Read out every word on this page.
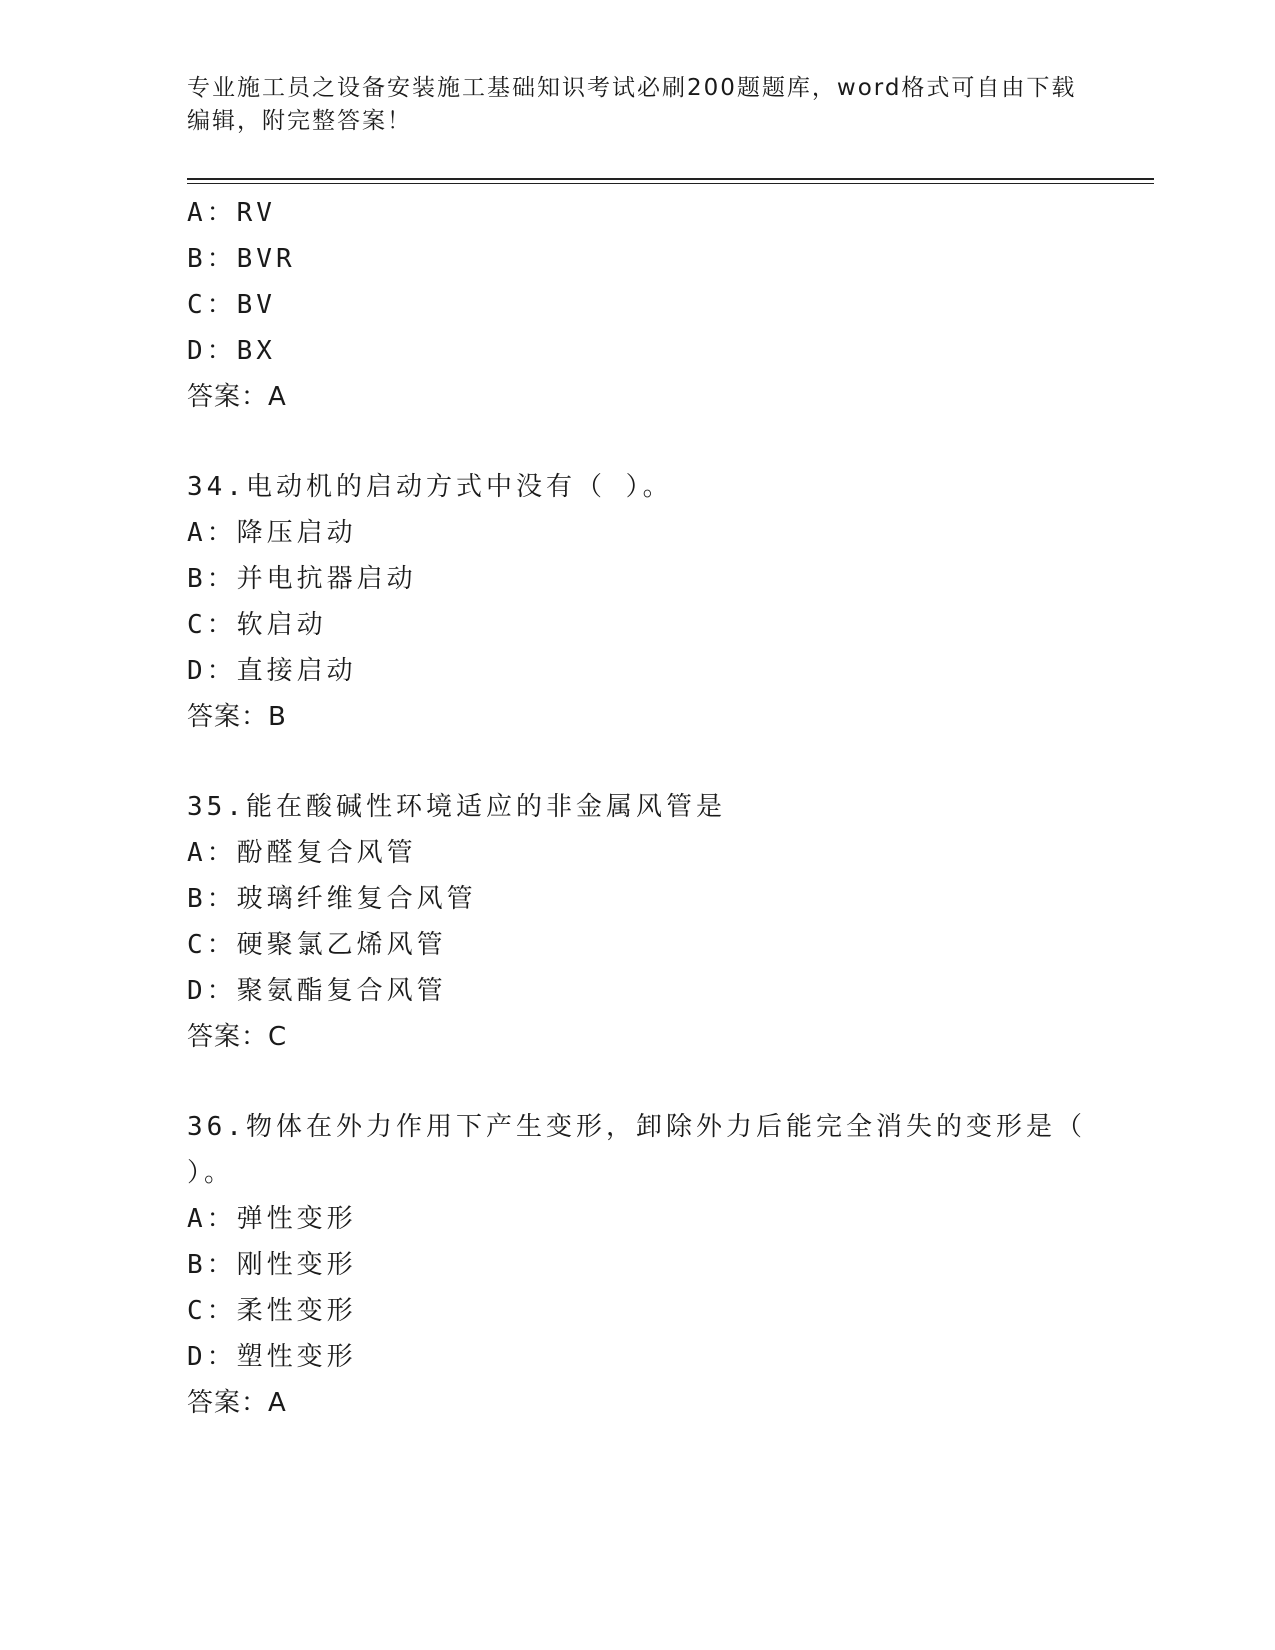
专业施工员之设备安装施工基础知识考试必刷200题题库，word格式可自由下载
编辑，附完整答案！
A：RV
B：BVR
C：BV
D：BX
答案：A
34.电动机的启动方式中没有（ ）。
A：降压启动
B：并电抗器启动
C：软启动
D：直接启动
答案：B
35.能在酸碱性环境适应的非金属风管是
A：酚醛复合风管
B：玻璃纤维复合风管
C：硬聚氯乙烯风管
D：聚氨酯复合风管
答案：C
36.物体在外力作用下产生变形，卸除外力后能完全消失的变形是（
）。
A：弹性变形
B：刚性变形
C：柔性变形
D：塑性变形
答案：A
